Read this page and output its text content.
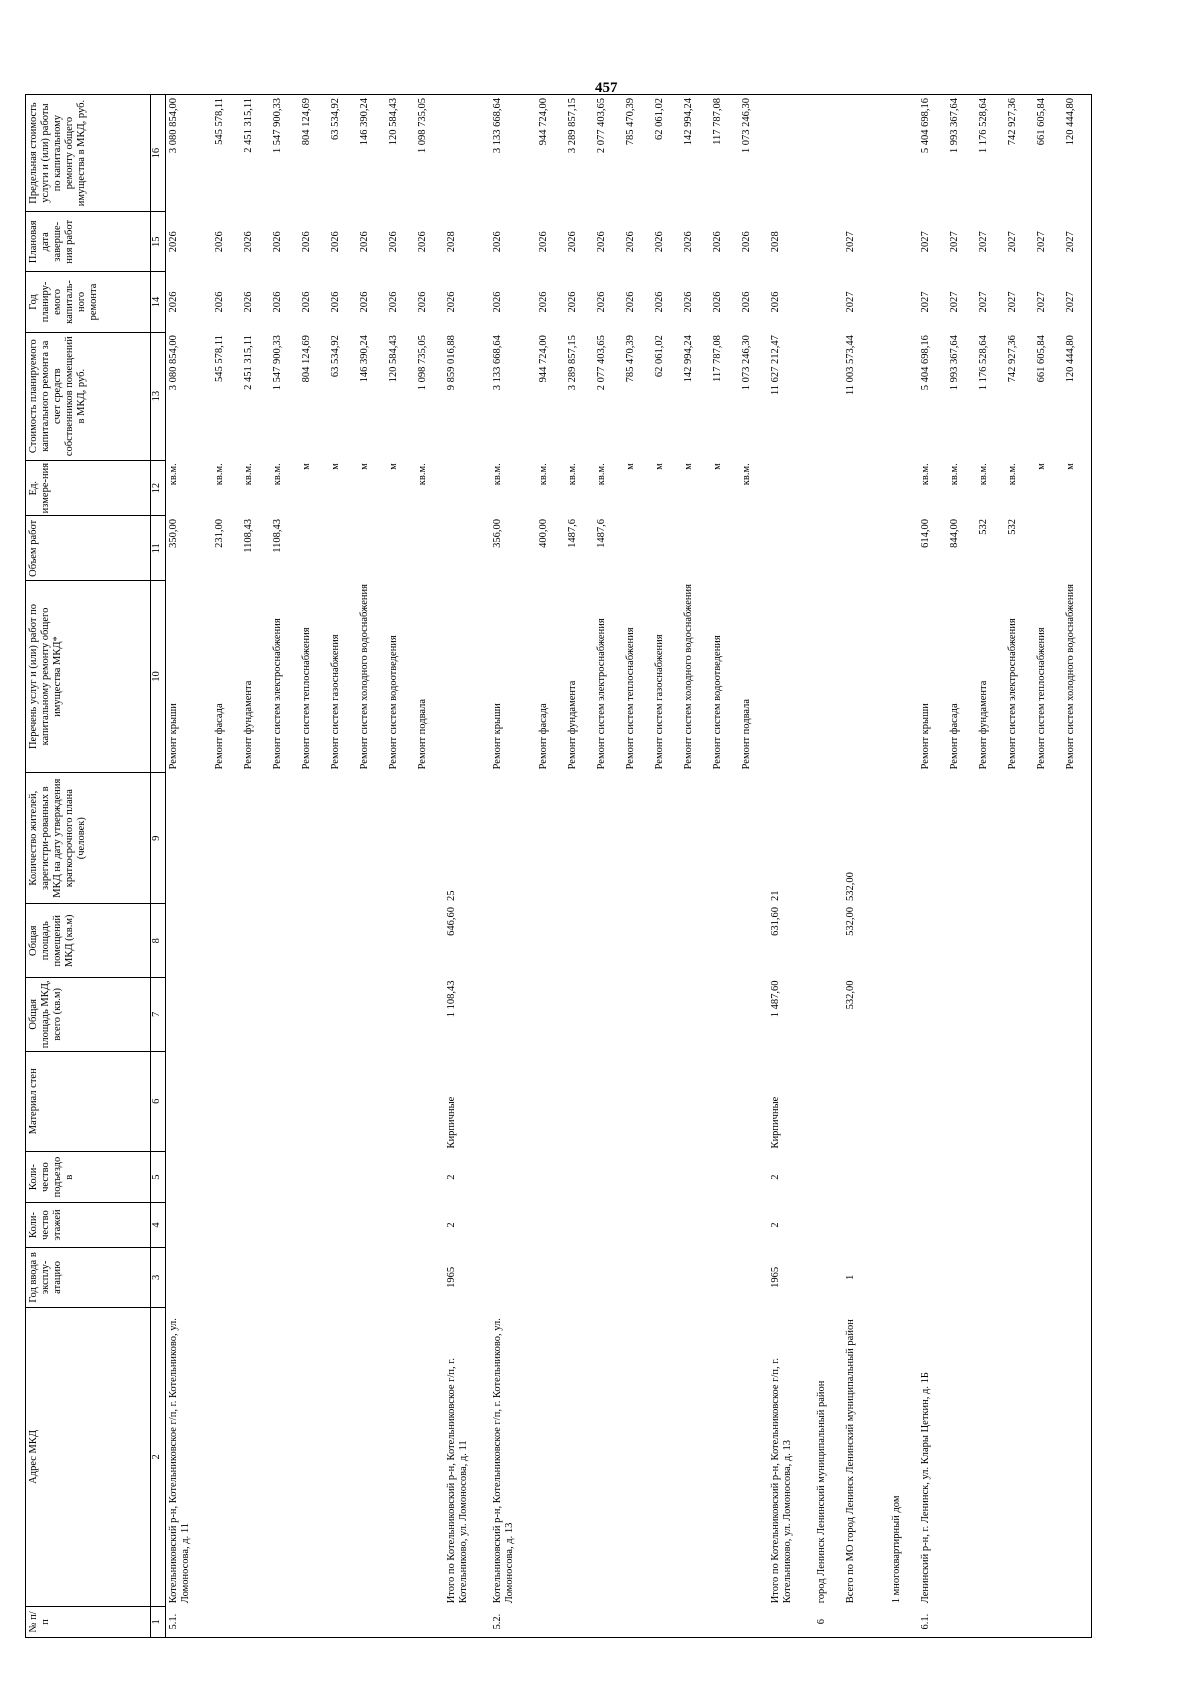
457
№ п/п	Адрес МКД	Год ввода в эксплу-атацию	Коли-чество этажей	Коли-чество подъездо в	Материал стен	Общая площадь МКД, всего (кв.м)	Общая площадь помещений МКД (кв.м)	Количество жителей, зарегистри-рованных в МКД на дату утверждения краткосрочного плана (человек)	Перечень услуг и (или) работ по капитальному ремонту общего имущества МКД*	Объем работ	Ед. измере-ния	Стоимость планируемого капитального ремонта за счет средств собственников помещений в МКД, руб.	Год планиру-емого капиталь-ного ремонта	Плановая дата заверше-ния работ	Предельная стоимость услуги и (или) работы по капитальному ремонту общего имущества в МКД, руб.
1	2	3	4	5	6	7	8	9	10	11	12	13	14	15	16
5.1.	Котельниковский р-н, Котельниковское г/п, г. Котельниково, ул. Ломоносова, д. 11								Ремонт крыши	350,00	кв.м.	3 080 854,00	2026	2026	3 080 854,00
									Ремонт фасада	231,00	кв.м.	545 578,11	2026	2026	545 578,11
									Ремонт фундамента	1108,43	кв.м.	2 451 315,11	2026	2026	2 451 315,11
									Ремонт систем электроснабжения	1108,43	кв.м.	1 547 900,33	2026	2026	1 547 900,33
									Ремонт систем теплоснабжения		м	804 124,69	2026	2026	804 124,69
									Ремонт систем газоснабжения		м	63 534,92	2026	2026	63 534,92
									Ремонт систем холодного водоснабжения		м	146 390,24	2026	2026	146 390,24
									Ремонт систем водоотведения		м	120 584,43	2026	2026	120 584,43
									Ремонт подвала		кв.м.	1 098 735,05	2026	2026	1 098 735,05
	Итого по Котельниковский р-н, Котельниковское г/п, г. Котельниково, ул. Ломоносова, д. 11	1965	2	2	Кирпичные	1 108,43	646,60	25				9 859 016,88	2026	2028	
5.2.	Котельниковский р-н, Котельниковское г/п, г. Котельниково, ул. Ломоносова, д. 13								Ремонт крыши	356,00	кв.м.	3 133 668,64	2026	2026	3 133 668,64
									Ремонт фасада	400,00	кв.м.	944 724,00	2026	2026	944 724,00
									Ремонт фундамента	1487,6	кв.м.	3 289 857,15	2026	2026	3 289 857,15
									Ремонт систем электроснабжения	1487,6	кв.м.	2 077 403,65	2026	2026	2 077 403,65
									Ремонт систем теплоснабжения		м	785 470,39	2026	2026	785 470,39
									Ремонт систем газоснабжения		м	62 061,02	2026	2026	62 061,02
									Ремонт систем холодного водоснабжения		м	142 994,24	2026	2026	142 994,24
									Ремонт систем водоотведения		м	117 787,08	2026	2026	117 787,08
									Ремонт подвала		кв.м.	1 073 246,30	2026	2026	1 073 246,30
	Итого по Котельниковский р-н, Котельниковское г/п, г. Котельниково, ул. Ломоносова, д. 13	1965	2	2	Кирпичные	1 487,60	631,60	21				11 627 212,47	2026	2028	
6	город Ленинск Ленинский муниципальный район														
	Всего по МО город Ленинск Ленинский муниципальный район	1				532,00	532,00	532,00				11 003 573,44	2027	2027	
	1 многоквартирный дом														
6.1.	Ленинский р-н, г. Ленинск, ул. Клары Цеткин, д. 1Б								Ремонт крыши	614,00	кв.м.	5 404 698,16	2027	2027	5 404 698,16
									Ремонт фасада	844,00	кв.м.	1 993 367,64	2027	2027	1 993 367,64
									Ремонт фундамента	532	кв.м.	1 176 528,64	2027	2027	1 176 528,64
									Ремонт систем электроснабжения	532	кв.м.	742 927,36	2027	2027	742 927,36
									Ремонт систем теплоснабжения		м	661 605,84	2027	2027	661 605,84
									Ремонт систем холодного водоснабжения		м	120 444,80	2027	2027	120 444,80
